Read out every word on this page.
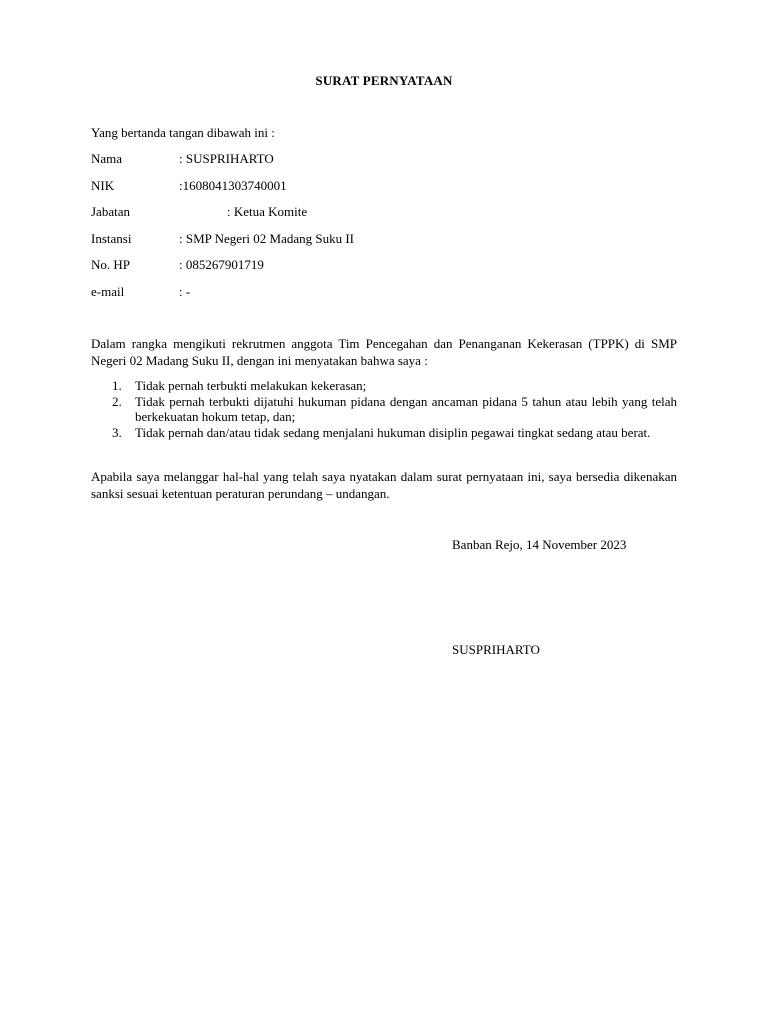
SURAT PERNYATAAN
Yang bertanda tangan dibawah ini :
Nama	: SUSPRIHARTO
NIK	:1608041303740001
Jabatan	: Ketua Komite
Instansi	: SMP Negeri 02 Madang Suku II
No. HP	: 085267901719
e-mail	: -
Dalam rangka mengikuti rekrutmen anggota Tim Pencegahan dan Penanganan Kekerasan (TPPK) di SMP Negeri 02 Madang Suku II, dengan ini menyatakan bahwa saya :
1. Tidak pernah terbukti melakukan kekerasan;
2. Tidak pernah terbukti dijatuhi hukuman pidana dengan ancaman pidana 5 tahun atau lebih yang telah berkekuatan hokum tetap, dan;
3. Tidak pernah dan/atau tidak sedang menjalani hukuman disiplin pegawai tingkat sedang atau berat.
Apabila saya melanggar hal-hal yang telah saya nyatakan dalam surat pernyataan ini, saya bersedia dikenakan sanksi sesuai ketentuan peraturan perundang – undangan.
Banban Rejo, 14 November 2023
SUSPRIHARTO
